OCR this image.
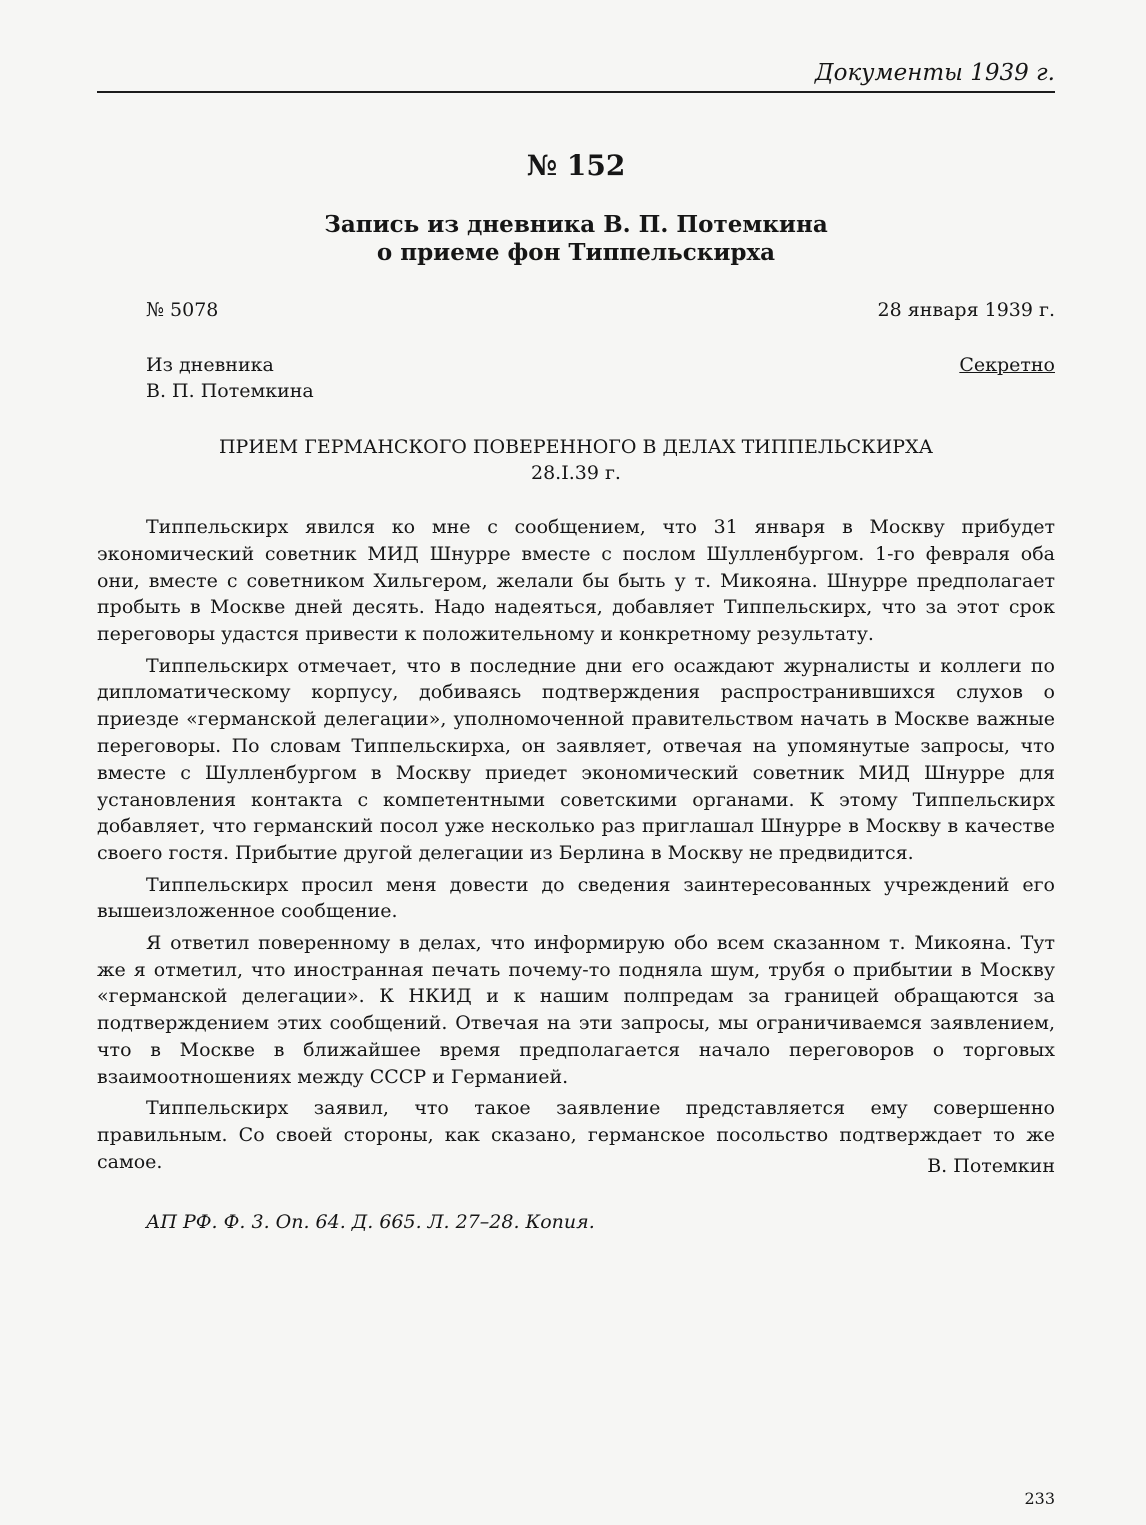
Документы 1939 г.
№ 152
Запись из дневника В. П. Потемкина
о приеме фон Типпельскирха
№ 5078	28 января 1939 г.
Из дневника	Секретно
В. П. Потемкина
ПРИЕМ ГЕРМАНСКОГО ПОВЕРЕННОГО В ДЕЛАХ ТИППЕЛЬСКИРХА
28.I.39 г.

Типпельскирх явился ко мне с сообщением, что 31 января в Москву прибудет экономический советник МИД Шнурре вместе с послом Шулленбургом. 1-го февраля оба они, вместе с советником Хильгером, желали бы быть у т. Микояна. Шнурре предполагает пробыть в Москве дней десять. Надо надеяться, добавляет Типпельскирх, что за этот срок переговоры удастся привести к положительному и конкретному результату.

Типпельскирх отмечает, что в последние дни его осаждают журналисты и коллеги по дипломатическому корпусу, добиваясь подтверждения распространившихся слухов о приезде «германской делегации», уполномоченной правительством начать в Москве важные переговоры. По словам Типпельскирха, он заявляет, отвечая на упомянутые запросы, что вместе с Шулленбургом в Москву приедет экономический советник МИД Шнурре для установления контакта с компетентными советскими органами. К этому Типпельскирх добавляет, что германский посол уже несколько раз приглашал Шнурре в Москву в качестве своего гостя. Прибытие другой делегации из Берлина в Москву не предвидится.

Типпельскирх просил меня довести до сведения заинтересованных учреждений его вышеизложенное сообщение.

Я ответил поверенному в делах, что информирую обо всем сказанном т. Микояна. Тут же я отметил, что иностранная печать почему-то подняла шум, трубя о прибытии в Москву «германской делегации». К НКИД и к нашим полпредам за границей обращаются за подтверждением этих сообщений. Отвечая на эти запросы, мы ограничиваемся заявлением, что в Москве в ближайшее время предполагается начало переговоров о торговых взаимоотношениях между СССР и Германией.

Типпельскирх заявил, что такое заявление представляется ему совершенно правильным. Со своей стороны, как сказано, германское посольство подтверждает то же самое.	В. Потемкин
АП РФ. Ф. 3. Оп. 64. Д. 665. Л. 27–28. Копия.
233
